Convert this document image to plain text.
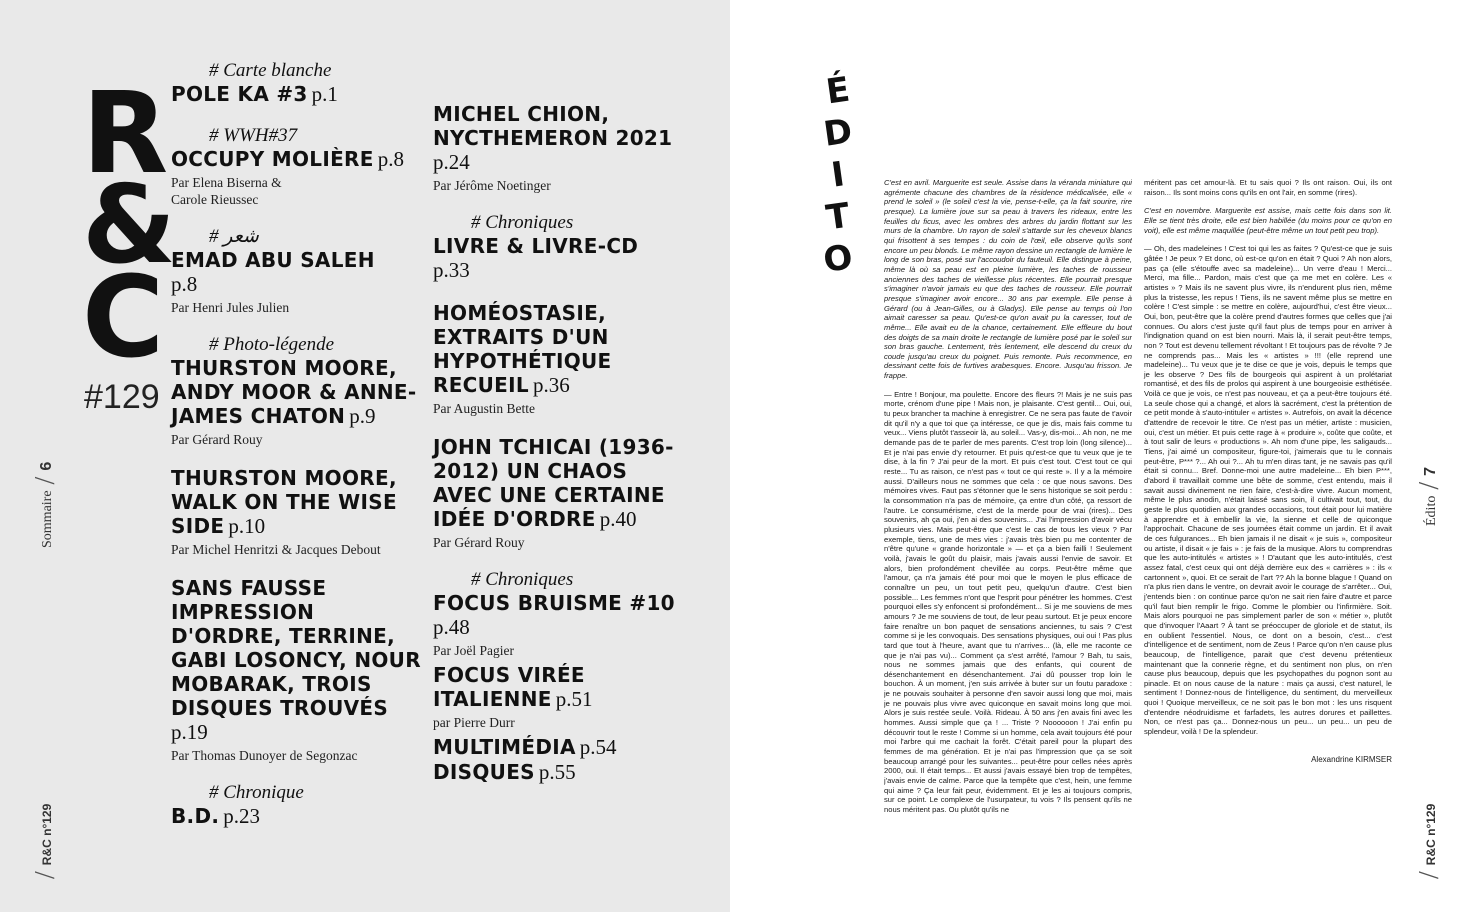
R
&
C
#129
Sommaire/6
/R&C n°129
# Carte blanche
POLE KA #3 p.1
# WWH#37
OCCUPY MOLIÈRE p.8
Par Elena Biserna & Carole Rieussec
# شعر
EMAD ABU SALEH
p.8
Par Henri Jules Julien
# Photo-légende
THURSTON MOORE, ANDY MOOR & ANNE-JAMES CHATON p.9
Par Gérard Rouy
THURSTON MOORE, WALK ON THE WISE SIDE p.10
Par Michel Henritzi & Jacques Debout
SANS FAUSSE IMPRESSION D'ORDRE, TERRINE, GABI LOSONCY, NOUR MOBARAK, TROIS DISQUES TROUVÉS
p.19
Par Thomas Dunoyer de Segonzac
# Chronique
B.D. p.23
MICHEL CHION, NYCTHEMERON 2021 p.24
Par Jérôme Noetinger
# Chroniques
LIVRE & LIVRE-CD
p.33
HOMÉOSTASIE, EXTRAITS D'UN HYPOTHÉTIQUE RECUEIL p.36
Par Augustin Bette
JOHN TCHICAI (1936-2012) UN CHAOS AVEC UNE CERTAINE IDÉE D'ORDRE p.40
Par Gérard Rouy
# Chroniques
FOCUS BRUISME #10 p.48
Par Joël Pagier
FOCUS VIRÉE ITALIENNE p.51
par Pierre Durr
MULTIMÉDIA p.54
DISQUES p.55
É
D
I
T
O

C'est en avril. Marguerite est seule. Assise dans la véranda miniature qui agrémente chacune des chambres de la résidence médicalisée, elle « prend le soleil » (le soleil c'est la vie, pense-t-elle, ça la fait sourire, rire presque). La lumière joue sur sa peau à travers les rideaux, entre les feuilles du ficus, avec les ombres des arbres du jardin flottant sur les murs de la chambre. Un rayon de soleil s'attarde sur les cheveux blancs qui frisottent à ses tempes : du coin de l'œil, elle observe qu'ils sont encore un peu blonds. Le même rayon dessine un rectangle de lumière le long de son bras, posé sur l'accoudoir du fauteuil. Elle distingue à peine, même là où sa peau est en pleine lumière, les taches de rousseur anciennes des taches de vieillesse plus récentes. Elle pourrait presque s'imaginer n'avoir jamais eu que des taches de rousseur. Elle pourrait presque s'imaginer avoir encore... 30 ans par exemple. Elle pense à Gérard (ou à Jean-Gilles, ou à Gladys). Elle pense au temps où l'on aimait caresser sa peau. Qu'est-ce qu'on avait pu la caresser, tout de même... Elle avait eu de la chance, certainement. Elle effleure du bout des doigts de sa main droite le rectangle de lumière posé par le soleil sur son bras gauche. Lentement, très lentement, elle descend du creux du coude jusqu'au creux du poignet. Puis remonte. Puis recommence, en dessinant cette fois de furtives arabesques. Encore. Jusqu'au frisson. Je frappe.

— Entre ! Bonjour, ma poulette. Encore des fleurs ?! Mais je ne suis pas morte, crénom d'une pipe ! Mais non, je plaisante. C'est gentil... Oui, oui, tu peux brancher ta machine à enregistrer. Ce ne sera pas faute de t'avoir dit qu'il n'y a que toi que ça intéresse, ce que je dis, mais fais comme tu veux... Viens plutôt t'asseoir là, au soleil... Vas-y, dis-moi... Ah non, ne me demande pas de te parler de mes parents. C'est trop loin (long silence)... Et je n'ai pas envie d'y retourner. Et puis qu'est-ce que tu veux que je te dise, à la fin ? J'ai peur de la mort. Et puis c'est tout. C'est tout ce qui reste... Tu as raison, ce n'est pas « tout ce qui reste ». Il y a la mémoire aussi. D'ailleurs nous ne sommes que cela : ce que nous savons. Des mémoires vives. Faut pas s'étonner que le sens historique se soit perdu : la consommation n'a pas de mémoire, ça entre d'un côté, ça ressort de l'autre. Le consumérisme, c'est de la merde pour de vrai (rires)... Des souvenirs, ah ça oui, j'en ai des souvenirs... J'ai l'impression d'avoir vécu plusieurs vies. Mais peut-être que c'est le cas de tous les vieux ? Par exemple, tiens, une de mes vies : j'avais très bien pu me contenter de n'être qu'une « grande horizontale » — et ça a bien failli ! Seulement voilà, j'avais le goût du plaisir, mais j'avais aussi l'envie de savoir. Et alors, bien profondément chevillée au corps. Peut-être même que l'amour, ça n'a jamais été pour moi que le moyen le plus efficace de connaître un peu, un tout petit peu, quelqu'un d'autre. C'est bien possible... Les femmes n'ont que l'esprit pour pénétrer les hommes. C'est pourquoi elles s'y enfoncent si profondément... Si je me souviens de mes amours ? Je me souviens de tout, de leur peau surtout. Et je peux encore faire renaître un bon paquet de sensations anciennes, tu sais ? C'est comme si je les convoquais. Des sensations physiques, oui oui ! Pas plus tard que tout à l'heure, avant que tu n'arrives... (là, elle me raconte ce que je n'ai pas vu)... Comment ça s'est arrêté, l'amour ? Bah, tu sais, nous ne sommes jamais que des enfants, qui courent de désenchantement en désenchantement. J'ai dû pousser trop loin le bouchon. À un moment, j'en suis arrivée à buter sur un foutu paradoxe : je ne pouvais souhaiter à personne d'en savoir aussi long que moi, mais je ne pouvais plus vivre avec quiconque en savait moins long que moi. Alors je suis restée seule. Voilà. Rideau. À 50 ans j'en avais fini avec les hommes. Aussi simple que ça ! ... Triste ? Noooooon ! J'ai enfin pu découvrir tout le reste ! Comme si un homme, cela avait toujours été pour moi l'arbre qui me cachait la forêt. C'était pareil pour la plupart des femmes de ma génération. Et je n'ai pas l'impression que ça se soit beaucoup arrangé pour les suivantes... peut-être pour celles nées après 2000, oui. Il était temps... Et aussi j'avais essayé bien trop de tempêtes, j'avais envie de calme. Parce que la tempête que c'est, hein, une femme qui aime ? Ça leur fait peur, évidemment. Et je les ai toujours compris, sur ce point. Le complexe de l'usurpateur, tu vois ? Ils pensent qu'ils ne nous méritent pas. Ou plutôt qu'ils ne

méritent pas cet amour-là. Et tu sais quoi ? Ils ont raison. Oui, ils ont raison... Ils sont moins cons qu'ils en ont l'air, en somme (rires).

C'est en novembre. Marguerite est assise, mais cette fois dans son lit. Elle se tient très droite, elle est bien habillée (du moins pour ce qu'on en voit), elle est même maquillée (peut-être même un tout petit peu trop).

— Oh, des madeleines ! C'est toi qui les as faites ? Qu'est-ce que je suis gâtée ! Je peux ? Et donc, où est-ce qu'on en était ? Quoi ? Ah non alors, pas ça (elle s'étouffe avec sa madeleine)... Un verre d'eau ! Merci... Merci, ma fille... Pardon, mais c'est que ça me met en colère. Les « artistes » ? Mais ils ne savent plus vivre, ils n'endurent plus rien, même plus la tristesse, les repus ! Tiens, ils ne savent même plus se mettre en colère ! C'est simple : se mettre en colère, aujourd'hui, c'est être vieux... Oui, bon, peut-être que la colère prend d'autres formes que celles que j'ai connues. Ou alors c'est juste qu'il faut plus de temps pour en arriver à l'indignation quand on est bien nourri. Mais là, il serait peut-être temps, non ? Tout est devenu tellement révoltant ! Et toujours pas de révolte ? Je ne comprends pas... Mais les « artistes » !!! (elle reprend une madeleine)... Tu veux que je te dise ce que je vois, depuis le temps que je les observe ? Des fils de bourgeois qui aspirent à un prolétariat romantisé, et des fils de prolos qui aspirent à une bourgeoisie esthétisée. Voilà ce que je vois, ce n'est pas nouveau, et ça a peut-être toujours été. La seule chose qui a changé, et alors là sacrément, c'est la prétention de ce petit monde à s'auto-intituler « artistes ». Autrefois, on avait la décence d'attendre de recevoir le titre. Ce n'est pas un métier, artiste : musicien, oui, c'est un métier. Et puis cette rage à « produire », coûte que coûte, et à tout salir de leurs « productions ». Ah nom d'une pipe, les saligauds... Tiens, j'ai aimé un compositeur, figure-toi, j'aimerais que tu le connais peut-être, P*** ?... Ah oui ?... Ah tu m'en diras tant, je ne savais pas qu'il était si connu... Bref. Donne-moi une autre madeleine... Eh bien P***, d'abord il travaillait comme une bête de somme, c'est entendu, mais il savait aussi divinement ne rien faire, c'est-à-dire vivre. Aucun moment, même le plus anodin, n'était laissé sans soin, il cultivait tout, tout, du geste le plus quotidien aux grandes occasions, tout était pour lui matière à apprendre et à embellir la vie, la sienne et celle de quiconque l'approchait. Chacune de ses journées était comme un jardin. Et il avait de ces fulgurances... Eh bien jamais il ne disait « je suis », compositeur ou artiste, il disait « je fais » : je fais de la musique. Alors tu comprendras que les auto-intitulés « artistes » ! D'autant que les auto-intitulés, c'est assez fatal, c'est ceux qui ont déjà derrière eux des « carrières » : ils « cartonnent », quoi. Et ce serait de l'art ?? Ah la bonne blague ! Quand on n'a plus rien dans le ventre, on devrait avoir le courage de s'arrêter... Oui, j'entends bien : on continue parce qu'on ne sait rien faire d'autre et parce qu'il faut bien remplir le frigo. Comme le plombier ou l'infirmière. Soit. Mais alors pourquoi ne pas simplement parler de son « métier », plutôt que d'invoquer l'Aaart ? À tant se préoccuper de gloriole et de statut, ils en oublient l'essentiel. Nous, ce dont on a besoin, c'est... c'est d'intelligence et de sentiment, nom de Zeus ! Parce qu'on n'en cause plus beaucoup, de l'intelligence, parait que c'est devenu prétentieux maintenant que la connerie règne, et du sentiment non plus, on n'en cause plus beaucoup, depuis que les psychopathes du pognon sont au pinacle. Et on nous cause de la nature : mais ça aussi, c'est naturel, le sentiment ! Donnez-nous de l'intelligence, du sentiment, du merveilleux quoi ! Quoique merveilleux, ce ne soit pas le bon mot : les uns risquent d'entendre néodruidisme et farfadets, les autres dorures et paillettes. Non, ce n'est pas ça... Donnez-nous un peu... un peu... un peu de splendeur, voilà ! De la splendeur.

Alexandrine KIRMSER
Édito/7
/R&C n°129
